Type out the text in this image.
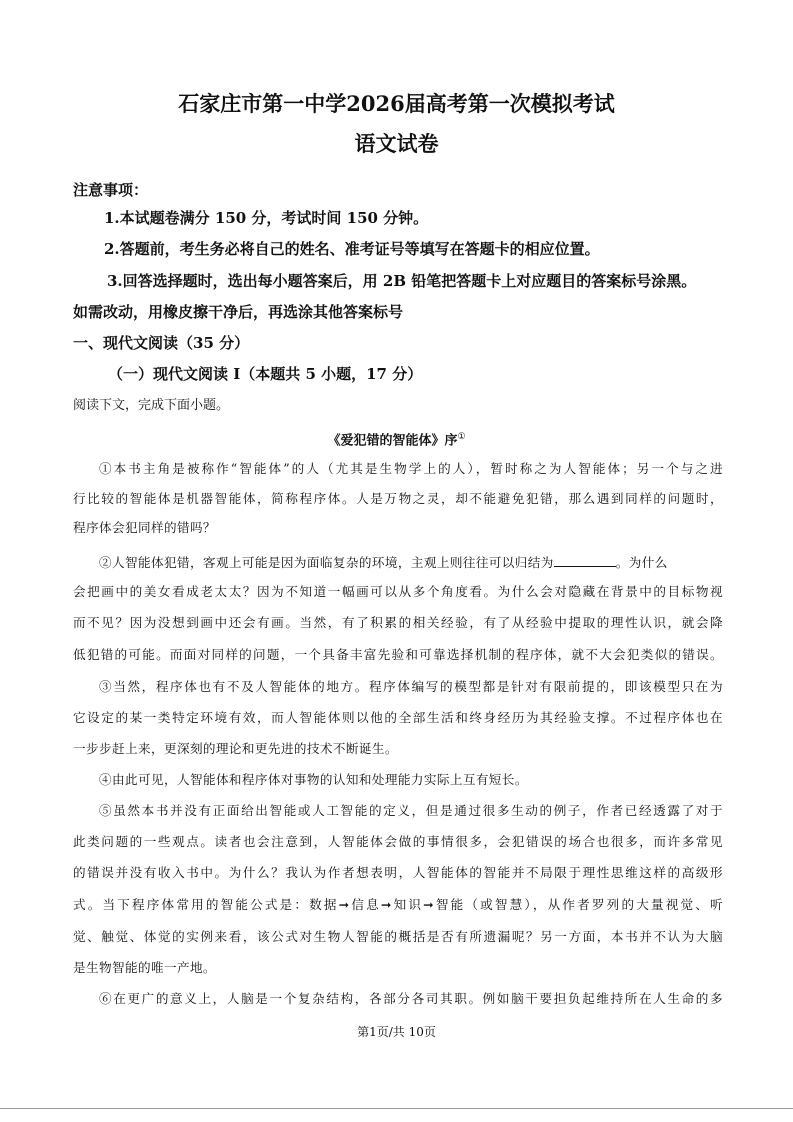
石家庄市第一中学2026届高考第一次模拟考试
语文试卷
注意事项：
1.本试题卷满分 150 分，考试时间 150 分钟。
2.答题前，考生务必将自己的姓名、准考证号等填写在答题卡的相应位置。
3.回答选择题时，选出每小题答案后，用 2B 铅笔把答题卡上对应题目的答案标号涂黑。
如需改动，用橡皮擦干净后，再选涂其他答案标号
一、现代文阅读（35 分）
（一）现代文阅读 I（本题共 5 小题，17 分）
阅读下文，完成下面小题。
《爱犯错的智能体》序①
①本书主角是被称作“智能体”的人（尤其是生物学上的人），暂时称之为人智能体；另一个与之进
行比较的智能体是机器智能体，简称程序体。人是万物之灵，却不能避免犯错，那么遇到同样的问题时，
程序体会犯同样的错吗？
②人智能体犯错，客观上可能是因为面临复杂的环境，主观上则往往可以归结为	。为什么
会把画中的美女看成老太太？因为不知道一幅画可以从多个角度看。为什么会对隐藏在背景中的目标物视
而不见？因为没想到画中还会有画。当然，有了积累的相关经验，有了从经验中提取的理性认识，就会降
低犯错的可能。而面对同样的问题，一个具备丰富先验和可靠选择机制的程序体，就不大会犯类似的错误。
③当然，程序体也有不及人智能体的地方。程序体编写的模型都是针对有限前提的，即该模型只在为
它设定的某一类特定环境有效，而人智能体则以他的全部生活和终身经历为其经验支撑。不过程序体也在
一步步赶上来，更深刻的理论和更先进的技术不断诞生。
④由此可见，人智能体和程序体对事物的认知和处理能力实际上互有短长。
⑤虽然本书并没有正面给出智能或人工智能的定义，但是通过很多生动的例子，作者已经透露了对于
此类问题的一些观点。读者也会注意到，人智能体会做的事情很多，会犯错误的场合也很多，而许多常见
的错误并没有收入书中。为什么？我认为作者想表明，人智能体的智能并不局限于理性思维这样的高级形
式。当下程序体常用的智能公式是：数据➞信息➞知识➞智能（或智慧），从作者罗列的大量视觉、听
觉、触觉、体觉的实例来看，该公式对生物人智能的概括是否有所遗漏呢？另一方面，本书并不认为大脑
是生物智能的唯一产地。
⑥在更广的意义上，人脑是一个复杂结构，各部分各司其职。例如脑干要担负起维持所在人生命的多
第1页/共 10页
